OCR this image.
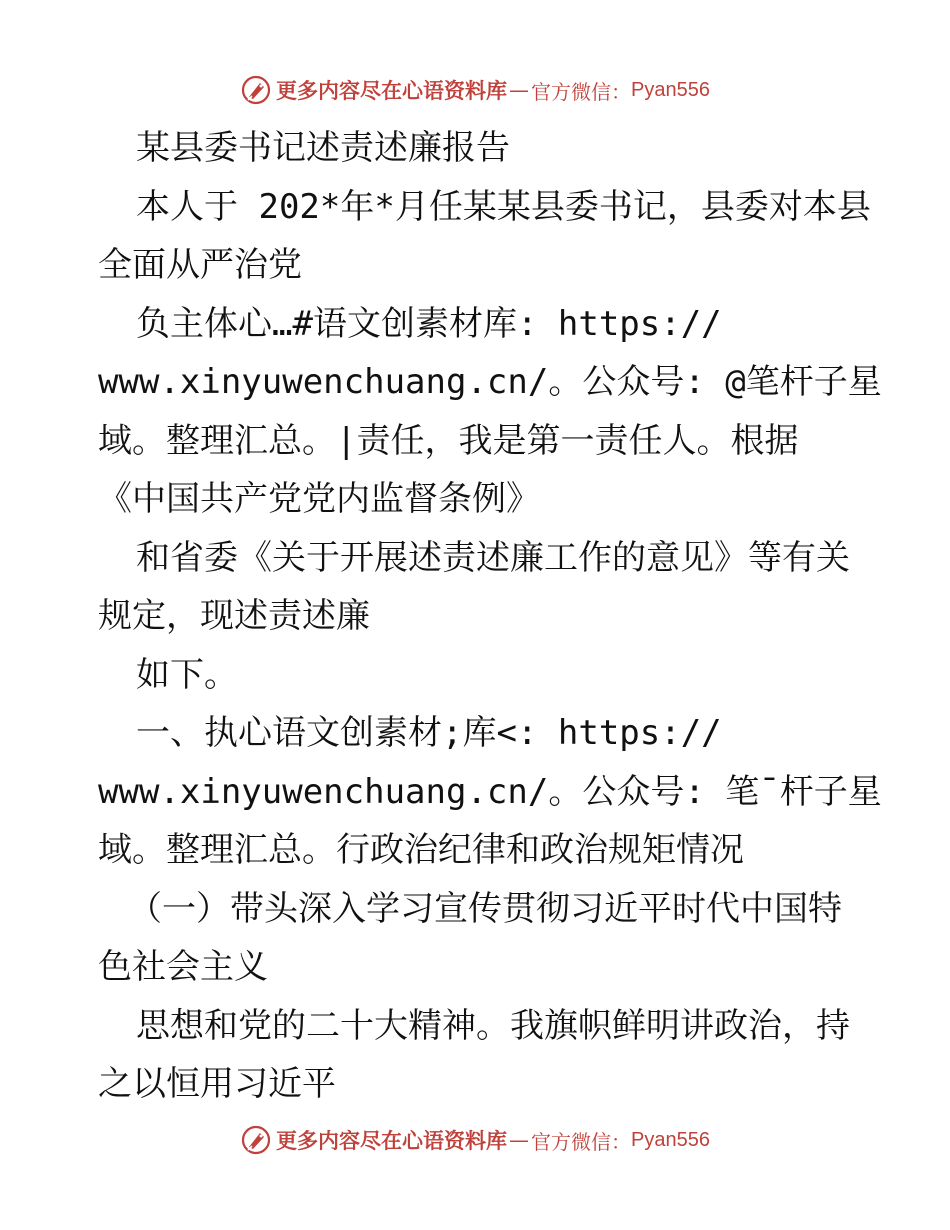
更多内容尽在心语资料库 — 官方微信： Pyan556
某县委书记述责述廉报告
本人于 202*年*月任某某县委书记，县委对本县
全面从严治党
负主体心…#语文创素材库: https://
www.xinyuwenchuang.cn/。公众号: @笔杆子星
域。整理汇总。|责任，我是第一责任人。根据
《中国共产党党内监督条例》
和省委《关于开展述责述廉工作的意见》等有关
规定，现述责述廉
如下。
一、执心语文创素材;库<: https://
www.xinyuwenchuang.cn/。公众号: 笔¯杆子星
域。整理汇总。行政治纪律和政治规矩情况
（一）带头深入学习宣传贯彻习近平时代中国特
色社会主义
思想和党的二十大精神。我旗帜鲜明讲政治，持
之以恒用习近平
更多内容尽在心语资料库 — 官方微信： Pyan556
